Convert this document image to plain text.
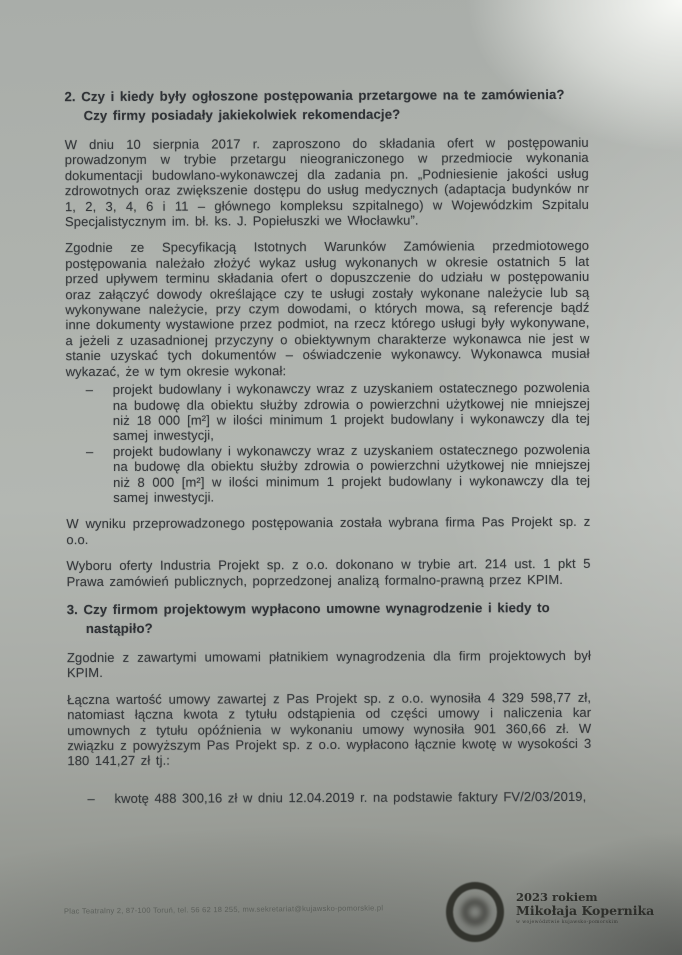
2. Czy i kiedy były ogłoszone postępowania przetargowe na te zamówienia? Czy firmy posiadały jakiekolwiek rekomendacje?

W dniu 10 sierpnia 2017 r. zaproszono do składania ofert w postępowaniu prowadzonym w trybie przetargu nieograniczonego w przedmiocie wykonania dokumentacji budowlano-wykonawczej dla zadania pn. „Podniesienie jakości usług zdrowotnych oraz zwiększenie dostępu do usług medycznych (adaptacja budynków nr 1, 2, 3, 4, 6 i 11 – głównego kompleksu szpitalnego) w Wojewódzkim Szpitalu Specjalistycznym im. bł. ks. J. Popiełuszki we Włocławku”.

Zgodnie ze Specyfikacją Istotnych Warunków Zamówienia przedmiotowego postępowania należało złożyć wykaz usług wykonanych w okresie ostatnich 5 lat przed upływem terminu składania ofert o dopuszczenie do udziału w postępowaniu oraz załączyć dowody określające czy te usługi zostały wykonane należycie lub są wykonywane należycie, przy czym dowodami, o których mowa, są referencje bądź inne dokumenty wystawione przez podmiot, na rzecz którego usługi były wykonywane, a jeżeli z uzasadnionej przyczyny o obiektywnym charakterze wykonawca nie jest w stanie uzyskać tych dokumentów – oświadczenie wykonawcy. Wykonawca musiał wykazać, że w tym okresie wykonał:

– projekt budowlany i wykonawczy wraz z uzyskaniem ostatecznego pozwolenia na budowę dla obiektu służby zdrowia o powierzchni użytkowej nie mniejszej niż 18 000 [m²] w ilości minimum 1 projekt budowlany i wykonawczy dla tej samej inwestycji,
– projekt budowlany i wykonawczy wraz z uzyskaniem ostatecznego pozwolenia na budowę dla obiektu służby zdrowia o powierzchni użytkowej nie mniejszej niż 8 000 [m²] w ilości minimum 1 projekt budowlany i wykonawczy dla tej samej inwestycji.

W wyniku przeprowadzonego postępowania została wybrana firma Pas Projekt sp. z o.o.

Wyboru oferty Industria Projekt sp. z o.o. dokonano w trybie art. 214 ust. 1 pkt 5 Prawa zamówień publicznych, poprzedzonej analizą formalno-prawną przez KPIM.

3. Czy firmom projektowym wypłacono umowne wynagrodzenie i kiedy to nastąpiło?

Zgodnie z zawartymi umowami płatnikiem wynagrodzenia dla firm projektowych był KPIM.

Łączna wartość umowy zawartej z Pas Projekt sp. z o.o. wynosiła 4 329 598,77 zł, natomiast łączna kwota z tytułu odstąpienia od części umowy i naliczenia kar umownych z tytułu opóźnienia w wykonaniu umowy wynosiła 901 360,66 zł. W związku z powyższym Pas Projekt sp. z o.o. wypłacono łącznie kwotę w wysokości 3 180 141,27 zł tj.:

– kwotę 488 300,16 zł w dniu 12.04.2019 r. na podstawie faktury FV/2/03/2019,
Plac Teatralny 2, 87-100 Toruń, tel. 56 62 18 255, mw.sekretariat@kujawsko-pomorskie.pl
2023 rokiem
Mikołaja Kopernika
w województwie kujawsko-pomorskim
